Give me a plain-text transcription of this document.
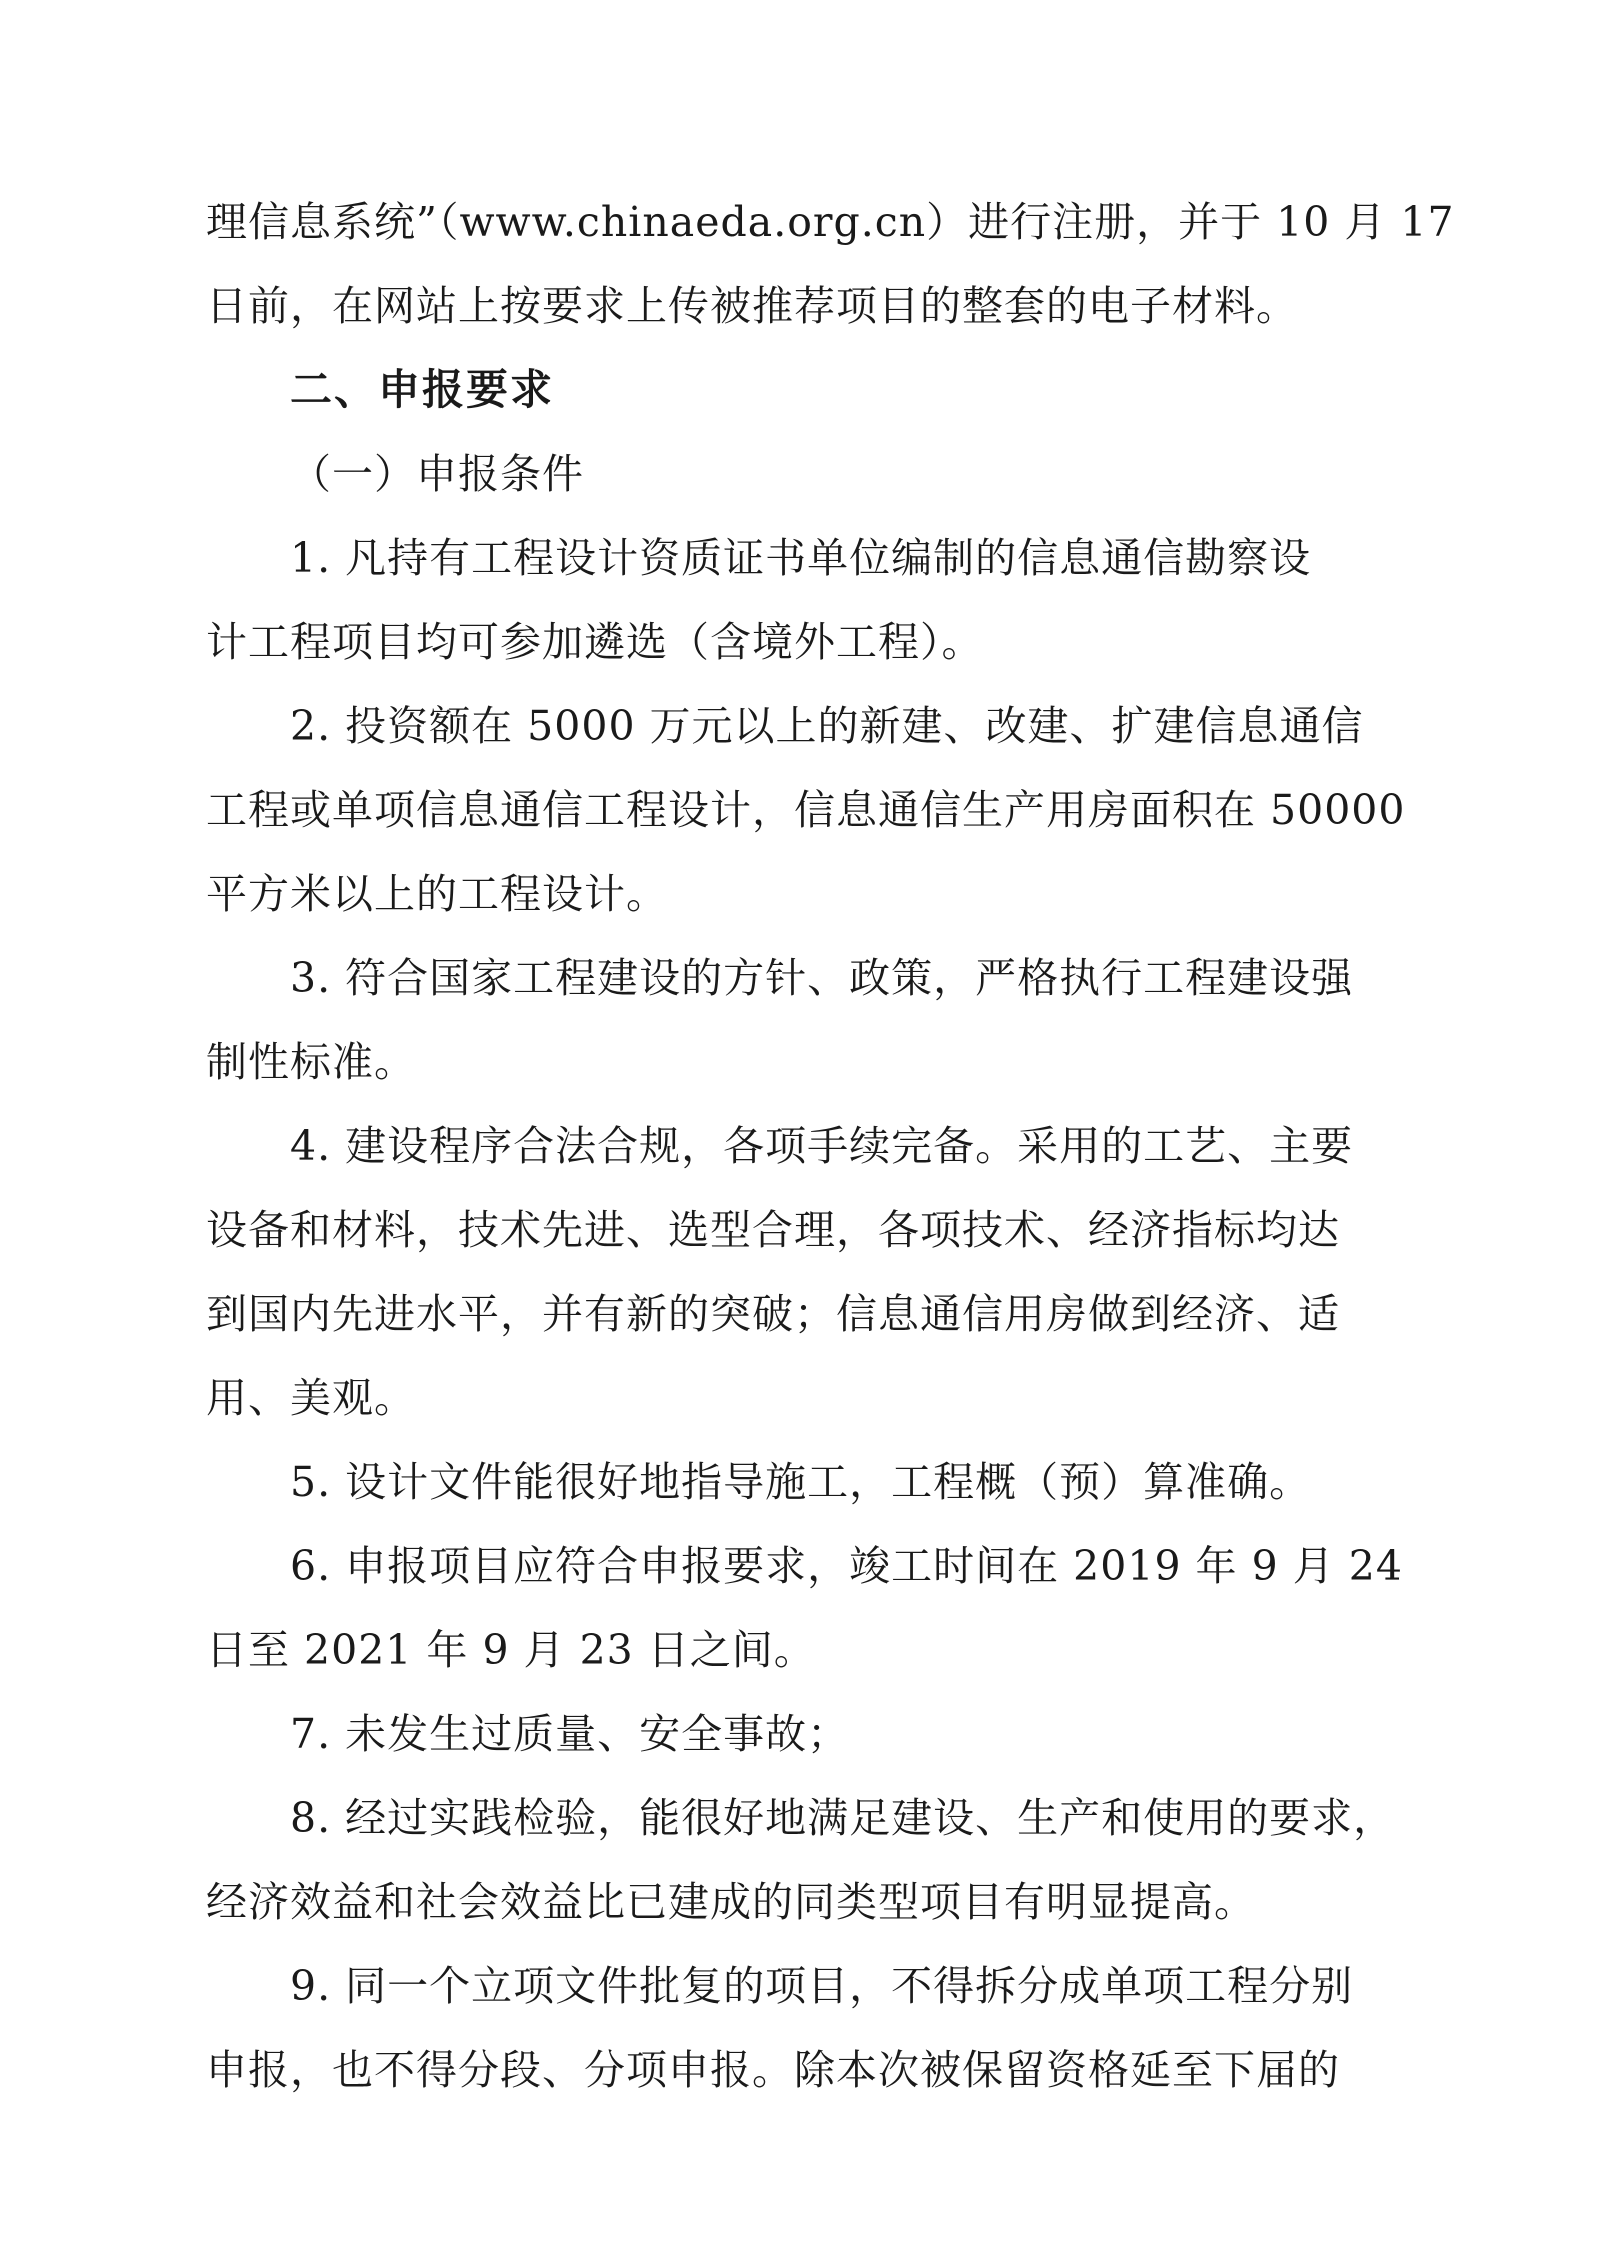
理信息系统”（www.chinaeda.org.cn）进行注册，并于 10 月 17
日前，在网站上按要求上传被推荐项目的整套的电子材料。

二、申报要求

（一）申报条件

1. 凡持有工程设计资质证书单位编制的信息通信勘察设
计工程项目均可参加遴选（含境外工程）。

2. 投资额在 5000 万元以上的新建、改建、扩建信息通信
工程或单项信息通信工程设计，信息通信生产用房面积在 50000
平方米以上的工程设计。

3. 符合国家工程建设的方针、政策，严格执行工程建设强
制性标准。

4. 建设程序合法合规，各项手续完备。采用的工艺、主要
设备和材料，技术先进、选型合理，各项技术、经济指标均达
到国内先进水平，并有新的突破；信息通信用房做到经济、适
用、美观。

5. 设计文件能很好地指导施工，工程概（预）算准确。

6. 申报项目应符合申报要求，竣工时间在 2019 年 9 月 24
日至 2021 年 9 月 23 日之间。

7. 未发生过质量、安全事故；

8. 经过实践检验，能很好地满足建设、生产和使用的要求，
经济效益和社会效益比已建成的同类型项目有明显提高。

9. 同一个立项文件批复的项目，不得拆分成单项工程分别
申报，也不得分段、分项申报。除本次被保留资格延至下届的
